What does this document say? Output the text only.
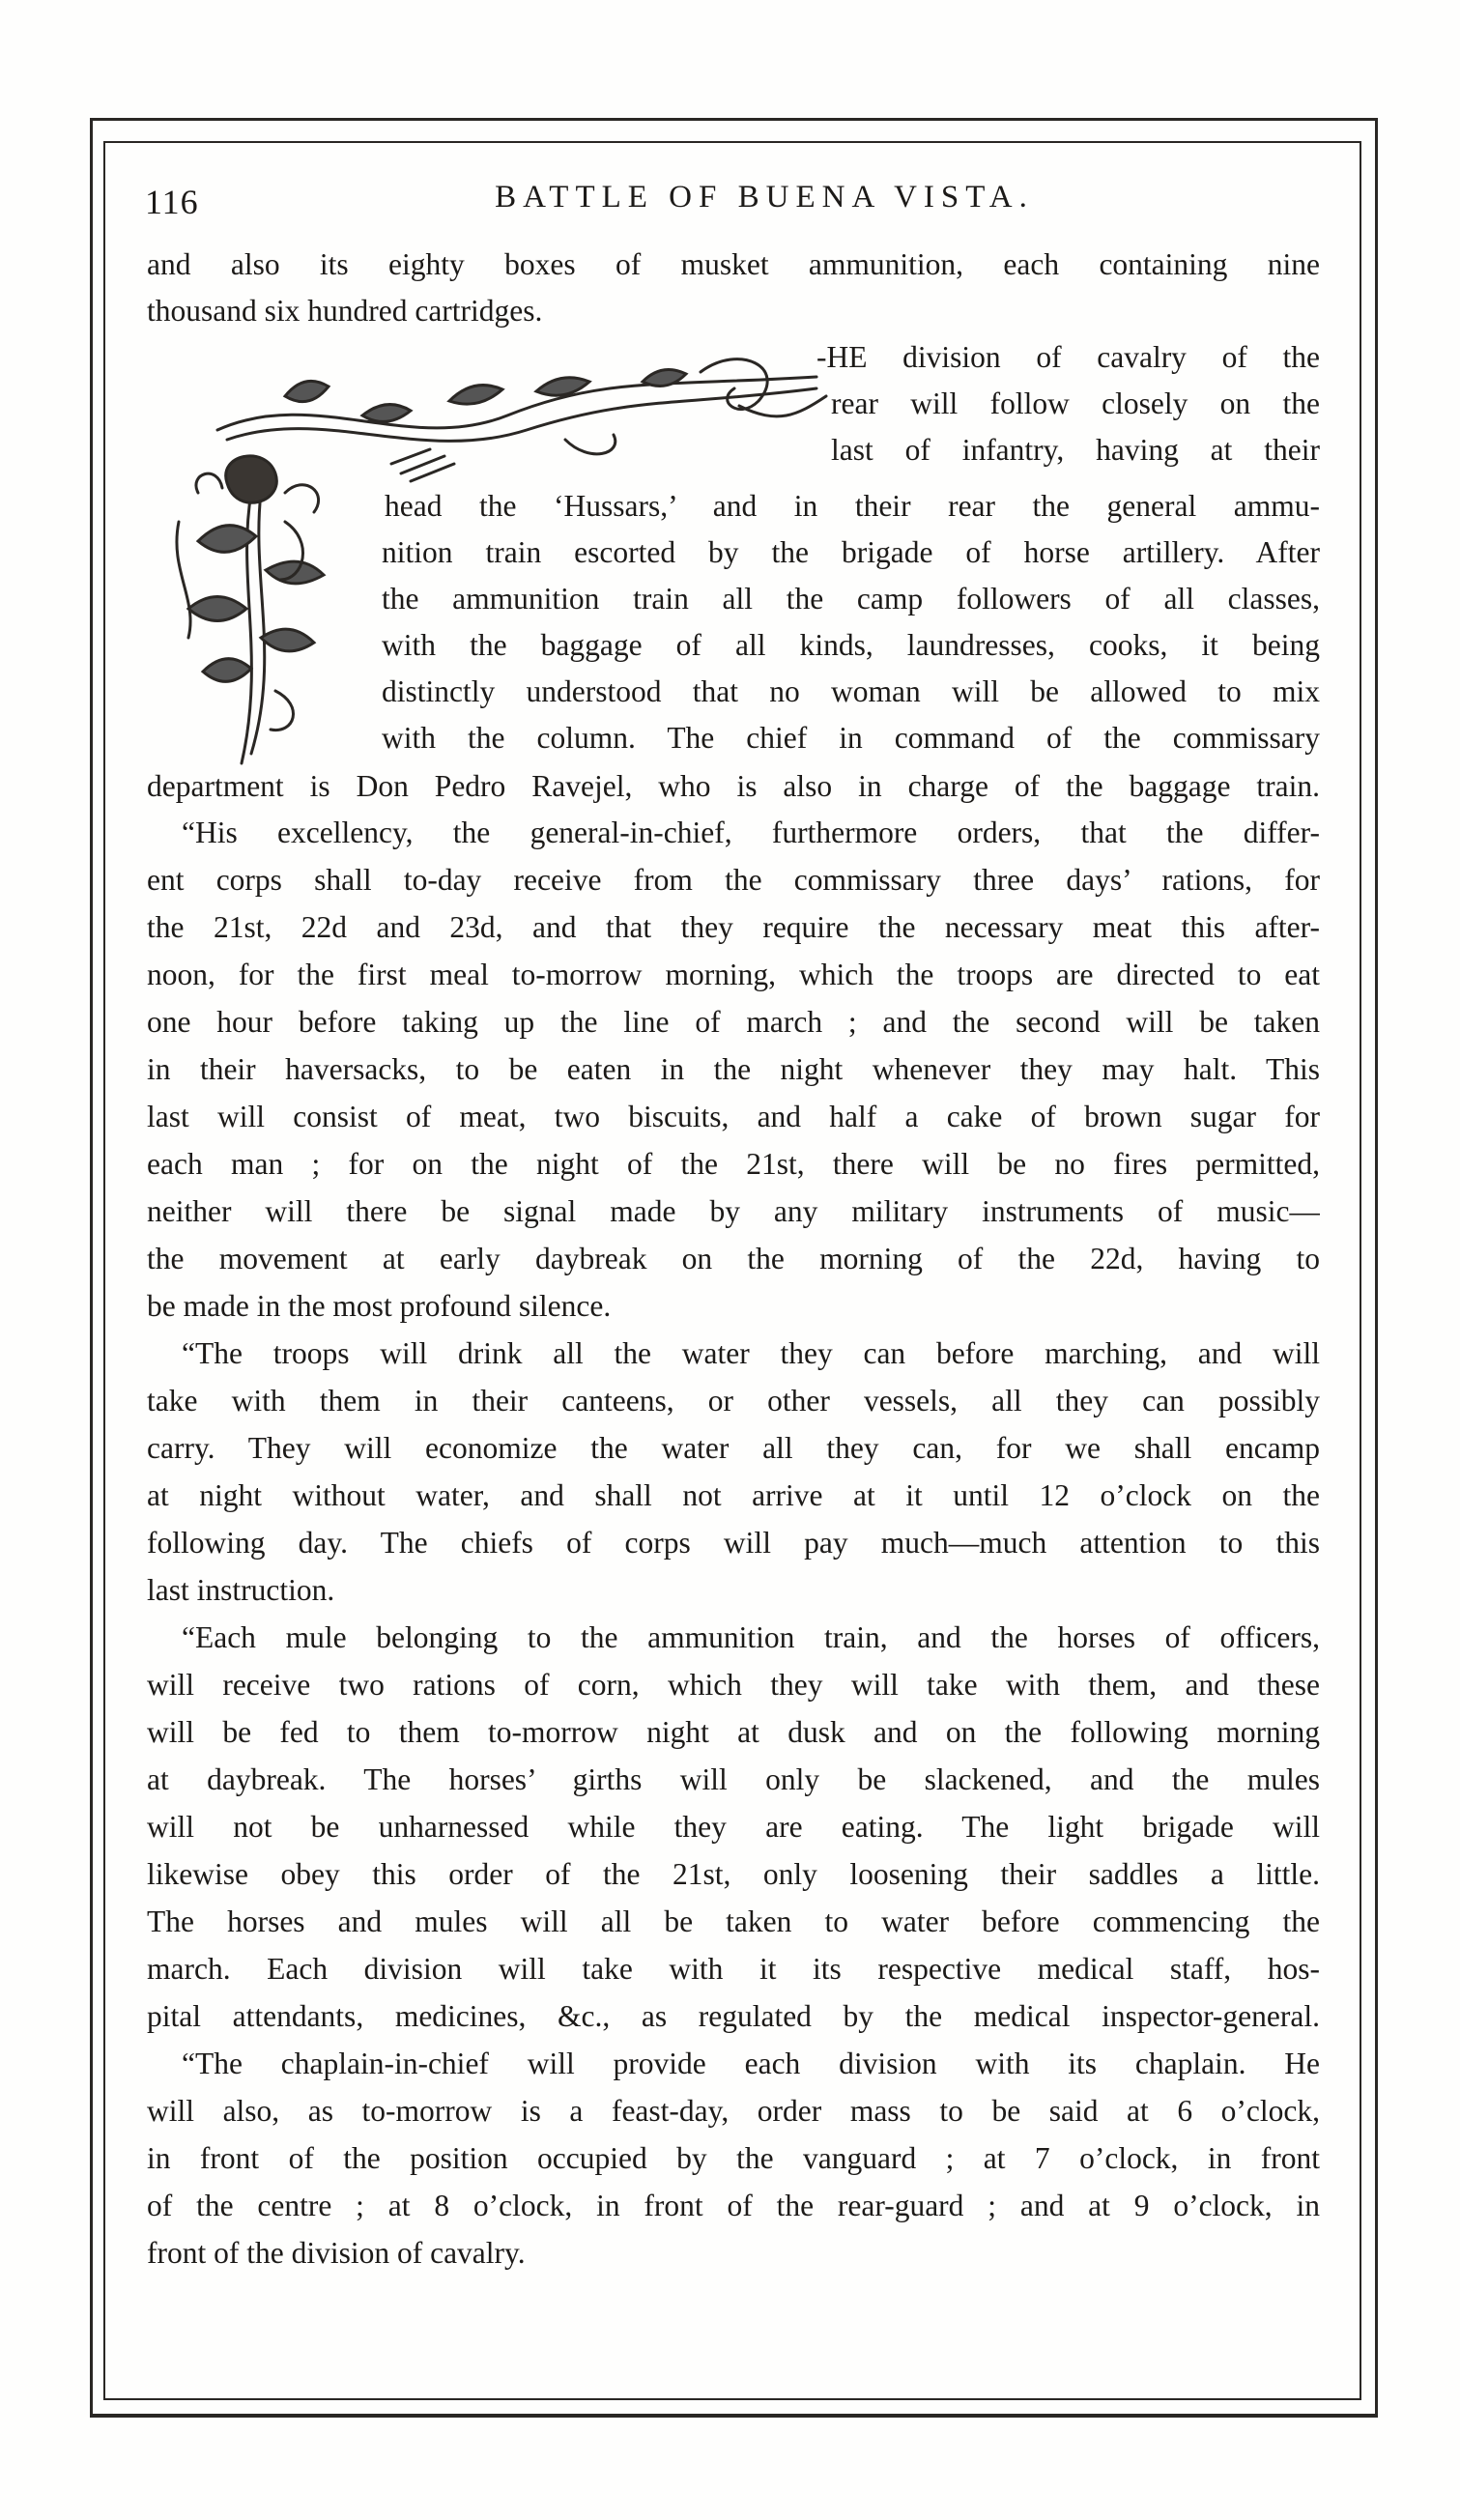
116	BATTLE OF BUENA VISTA.
and also its eighty boxes of musket ammunition, each containing nine
thousand six hundred cartridges.
-HE division of cavalry of the
rear will follow closely on the
last of infantry, having at their
head the ‘Hussars,’ and in their rear the general ammu-
nition train escorted by the brigade of horse artillery. After
the ammunition train all the camp followers of all classes,
with the baggage of all kinds, laundresses, cooks, it being
distinctly understood that no woman will be allowed to mix
with the column. The chief in command of the commissary
department is Don Pedro Ravejel, who is also in charge of the baggage train.
“His excellency, the general-in-chief, furthermore orders, that the differ-
ent corps shall to-day receive from the commissary three days’ rations, for
the 21st, 22d and 23d, and that they require the necessary meat this after-
noon, for the first meal to-morrow morning, which the troops are directed to eat
one hour before taking up the line of march ; and the second will be taken
in their haversacks, to be eaten in the night whenever they may halt. This
last will consist of meat, two biscuits, and half a cake of brown sugar for
each man ; for on the night of the 21st, there will be no fires permitted,
neither will there be signal made by any military instruments of music—
the movement at early daybreak on the morning of the 22d, having to
be made in the most profound silence.
“The troops will drink all the water they can before marching, and will
take with them in their canteens, or other vessels, all they can possibly
carry. They will economize the water all they can, for we shall encamp
at night without water, and shall not arrive at it until 12 o’clock on the
following day. The chiefs of corps will pay much—much attention to this
last instruction.
“Each mule belonging to the ammunition train, and the horses of officers,
will receive two rations of corn, which they will take with them, and these
will be fed to them to-morrow night at dusk and on the following morning
at daybreak. The horses’ girths will only be slackened, and the mules
will not be unharnessed while they are eating. The light brigade will
likewise obey this order of the 21st, only loosening their saddles a little.
The horses and mules will all be taken to water before commencing the
march. Each division will take with it its respective medical staff, hos-
pital attendants, medicines, &c., as regulated by the medical inspector-general.
“The chaplain-in-chief will provide each division with its chaplain. He
will also, as to-morrow is a feast-day, order mass to be said at 6 o’clock,
in front of the position occupied by the vanguard ; at 7 o’clock, in front
of the centre ; at 8 o’clock, in front of the rear-guard ; and at 9 o’clock, in
front of the division of cavalry.
